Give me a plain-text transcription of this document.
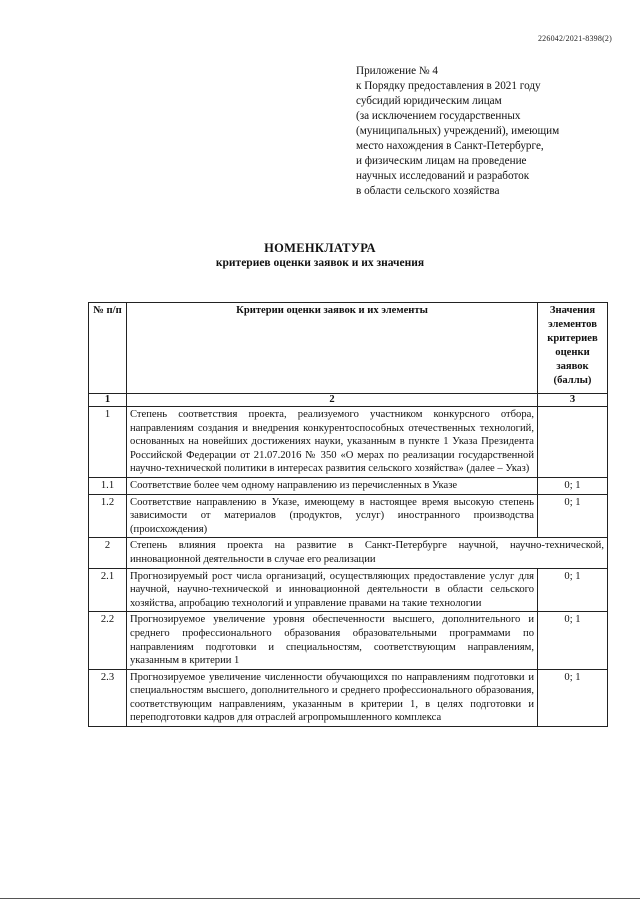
226042/2021-8398(2)
Приложение № 4
к Порядку предоставления в 2021 году
субсидий юридическим лицам
(за исключением государственных
(муниципальных) учреждений), имеющим
место нахождения в Санкт-Петербурге,
и физическим лицам на проведение
научных исследований и разработок
в области сельского хозяйства
НОМЕНКЛАТУРА
критериев оценки заявок и их значения
№ п/п	Критерии оценки заявок и их элементы	Значения элементов критериев оценки заявок (баллы)
1	2	3
1	Степень соответствия проекта, реализуемого участником конкурсного отбора, направлениям создания и внедрения конкурентоспособных отечественных технологий, основанных на новейших достижениях науки, указанным в пункте 1 Указа Президента Российской Федерации от 21.07.2016 № 350 «О мерах по реализации государственной научно-технической политики в интересах развития сельского хозяйства» (далее – Указ)	
1.1	Соответствие более чем одному направлению из перечисленных в Указе	0; 1
1.2	Соответствие направлению в Указе, имеющему в настоящее время высокую степень зависимости от материалов (продуктов, услуг) иностранного производства (происхождения)	0; 1
2	Степень влияния проекта на развитие в Санкт-Петербурге научной, научно-технической, инновационной деятельности в случае его реализации	
2.1	Прогнозируемый рост числа организаций, осуществляющих предоставление услуг для научной, научно-технической и инновационной деятельности в области сельского хозяйства, апробацию технологий и управление правами на такие технологии	0; 1
2.2	Прогнозируемое увеличение уровня обеспеченности высшего, дополнительного и среднего профессионального образования образовательными программами по направлениям подготовки и специальностям, соответствующим направлениям, указанным в критерии 1	0; 1
2.3	Прогнозируемое увеличение численности обучающихся по направлениям подготовки и специальностям высшего, дополнительного и среднего профессионального образования, соответствующим направлениям, указанным в критерии 1, в целях подготовки и переподготовки кадров для отраслей агропромышленного комплекса	0; 1
